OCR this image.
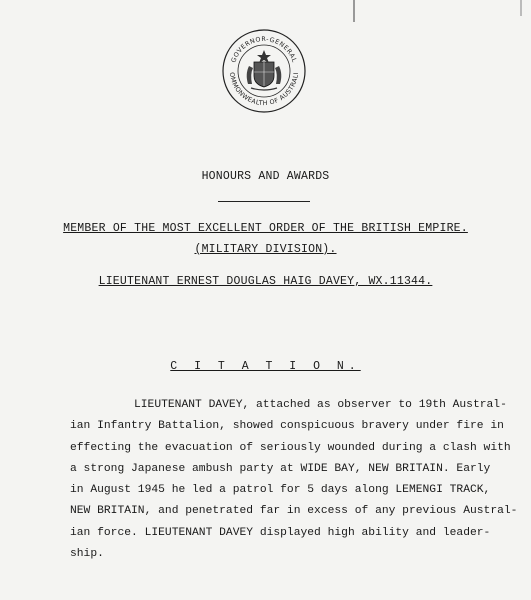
GOVERNOR-GENERAL
OMMONWEALTH OF AUSTRALI
HONOURS AND AWARDS
MEMBER OF THE MOST EXCELLENT ORDER OF THE BRITISH EMPIRE.
(MILITARY DIVISION).
LIEUTENANT ERNEST DOUGLAS HAIG DAVEY, WX.11344.
C I T A T I O N.

LIEUTENANT DAVEY, attached as observer to 19th Austral-

ian Infantry Battalion, showed conspicuous bravery under fire in

effecting the evacuation of seriously wounded during a clash with

a strong Japanese ambush party at WIDE BAY, NEW BRITAIN. Early

in August 1945 he led a patrol for 5 days along LEMENGI TRACK,

NEW BRITAIN, and penetrated far in excess of any previous Austral-

ian force. LIEUTENANT DAVEY displayed high ability and leader-

ship.
